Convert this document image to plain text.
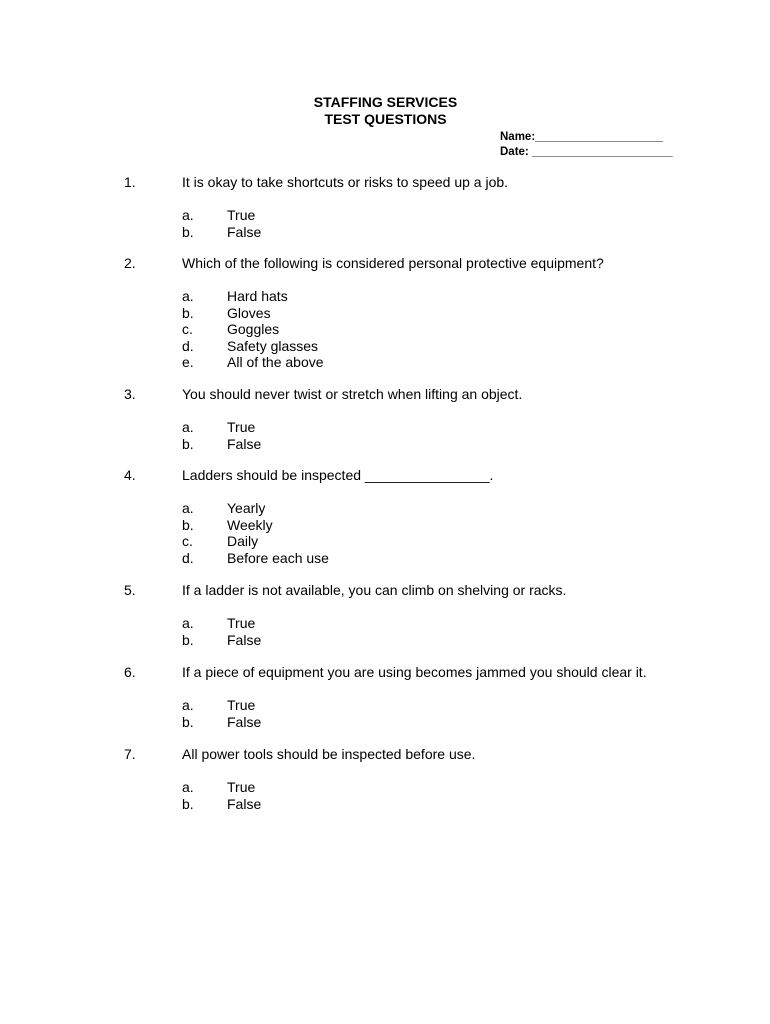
STAFFING SERVICES
TEST QUESTIONS
Name:____________________
Date: ______________________
1.	It is okay to take shortcuts or risks to speed up a job.
a. True
b. False
2.	Which of the following is considered personal protective equipment?
a. Hard hats
b. Gloves
c. Goggles
d. Safety glasses
e. All of the above
3.	You should never twist or stretch when lifting an object.
a. True
b. False
4.	Ladders should be inspected ________________.
a. Yearly
b. Weekly
c. Daily
d. Before each use
5.	If a ladder is not available, you can climb on shelving or racks.
a. True
b. False
6.	If a piece of equipment you are using becomes jammed you should clear it.
a. True
b. False
7.	All power tools should be inspected before use.
a. True
b. False
